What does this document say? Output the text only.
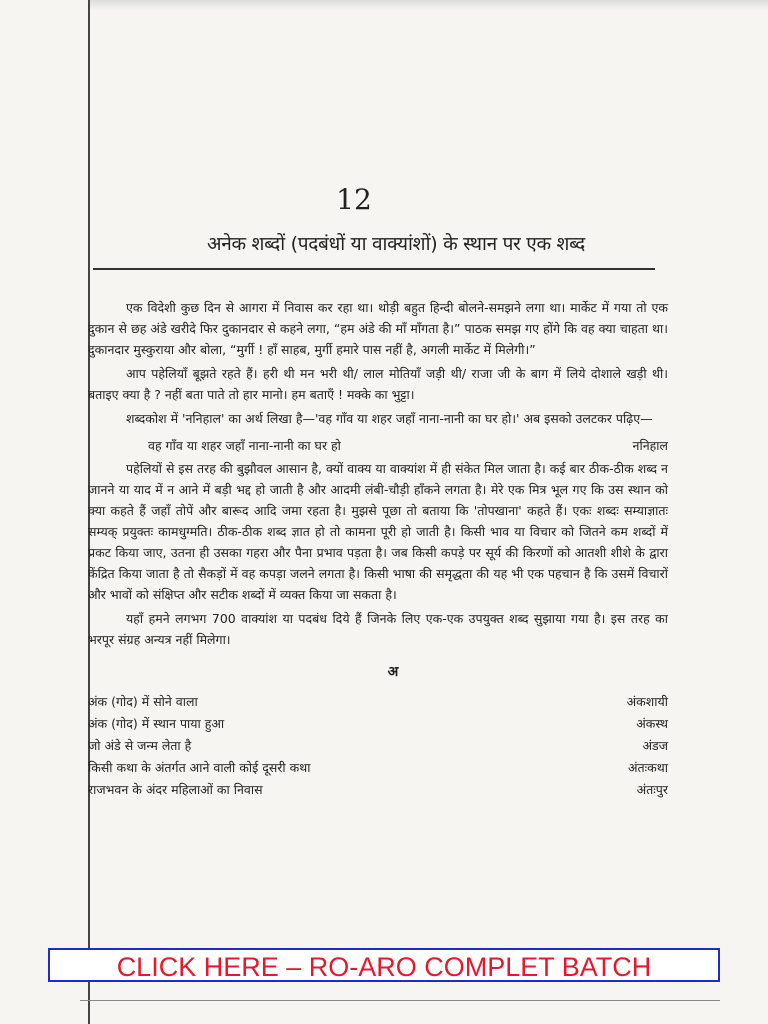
12
अनेक शब्दों (पदबंधों या वाक्यांशों) के स्थान पर एक शब्द

एक विदेशी कुछ दिन से आगरा में निवास कर रहा था। थोड़ी बहुत हिन्दी बोलने-समझने लगा था। मार्केट में गया तो एक दुकान से छह अंडे खरीदे फिर दुकानदार से कहने लगा, “हम अंडे की माँ माँगता है।” पाठक समझ गए होंगे कि वह क्या चाहता था। दुकानदार मुस्कुराया और बोला, “मुर्गी ! हाँ साहब, मुर्गी हमारे पास नहीं है, अगली मार्केट में मिलेगी।”

आप पहेलियाँ बूझते रहते हैं। हरी थी मन भरी थी/ लाल मोतियाँ जड़ी थी/ राजा जी के बाग में लिये दोशाले खड़ी थी। बताइए क्या है ? नहीं बता पाते तो हार मानो। हम बताएँ ! मक्के का भुट्टा।

शब्दकोश में 'ननिहाल' का अर्थ लिखा है—'वह गाँव या शहर जहाँ नाना-नानी का घर हो।' अब इसको उलटकर पढ़िए—

वह गाँव या शहर जहाँ नाना-नानी का घर हो	ननिहाल

पहेलियों से इस तरह की बुझौवल आसान है, क्यों वाक्य या वाक्यांश में ही संकेत मिल जाता है। कई बार ठीक-ठीक शब्द न जानने या याद में न आने में बड़ी भद्द हो जाती है और आदमी लंबी-चौड़ी हाँकने लगता है। मेरे एक मित्र भूल गए कि उस स्थान को क्या कहते हैं जहाँ तोपें और बारूद आदि जमा रहता है। मुझसे पूछा तो बताया कि 'तोपखाना' कहते हैं। एकः शब्दः सम्याज्ञातः सम्यक् प्रयुक्तः कामधुग्मति। ठीक-ठीक शब्द ज्ञात हो तो कामना पूरी हो जाती है। किसी भाव या विचार को जितने कम शब्दों में प्रकट किया जाए, उतना ही उसका गहरा और पैना प्रभाव पड़ता है। जब किसी कपड़े पर सूर्य की किरणों को आतशी शीशे के द्वारा केंद्रित किया जाता है तो सैकड़ों में वह कपड़ा जलने लगता है। किसी भाषा की समृद्धता की यह भी एक पहचान है कि उसमें विचारों और भावों को संक्षिप्त और सटीक शब्दों में व्यक्त किया जा सकता है।

यहाँ हमने लगभग 700 वाक्यांश या पदबंध दिये हैं जिनके लिए एक-एक उपयुक्त शब्द सुझाया गया है। इस तरह का भरपूर संग्रह अन्यत्र नहीं मिलेगा।

अ
अंक (गोद) में सोने वाला	अंकशायी
अंक (गोद) में स्थान पाया हुआ	अंकस्थ
जो अंडे से जन्म लेता है	अंडज
किसी कथा के अंतर्गत आने वाली कोई दूसरी कथा	अंतःकथा
राजभवन के अंदर महिलाओं का निवास	अंतःपुर
CLICK HERE – RO-ARO COMPLET BATCH
